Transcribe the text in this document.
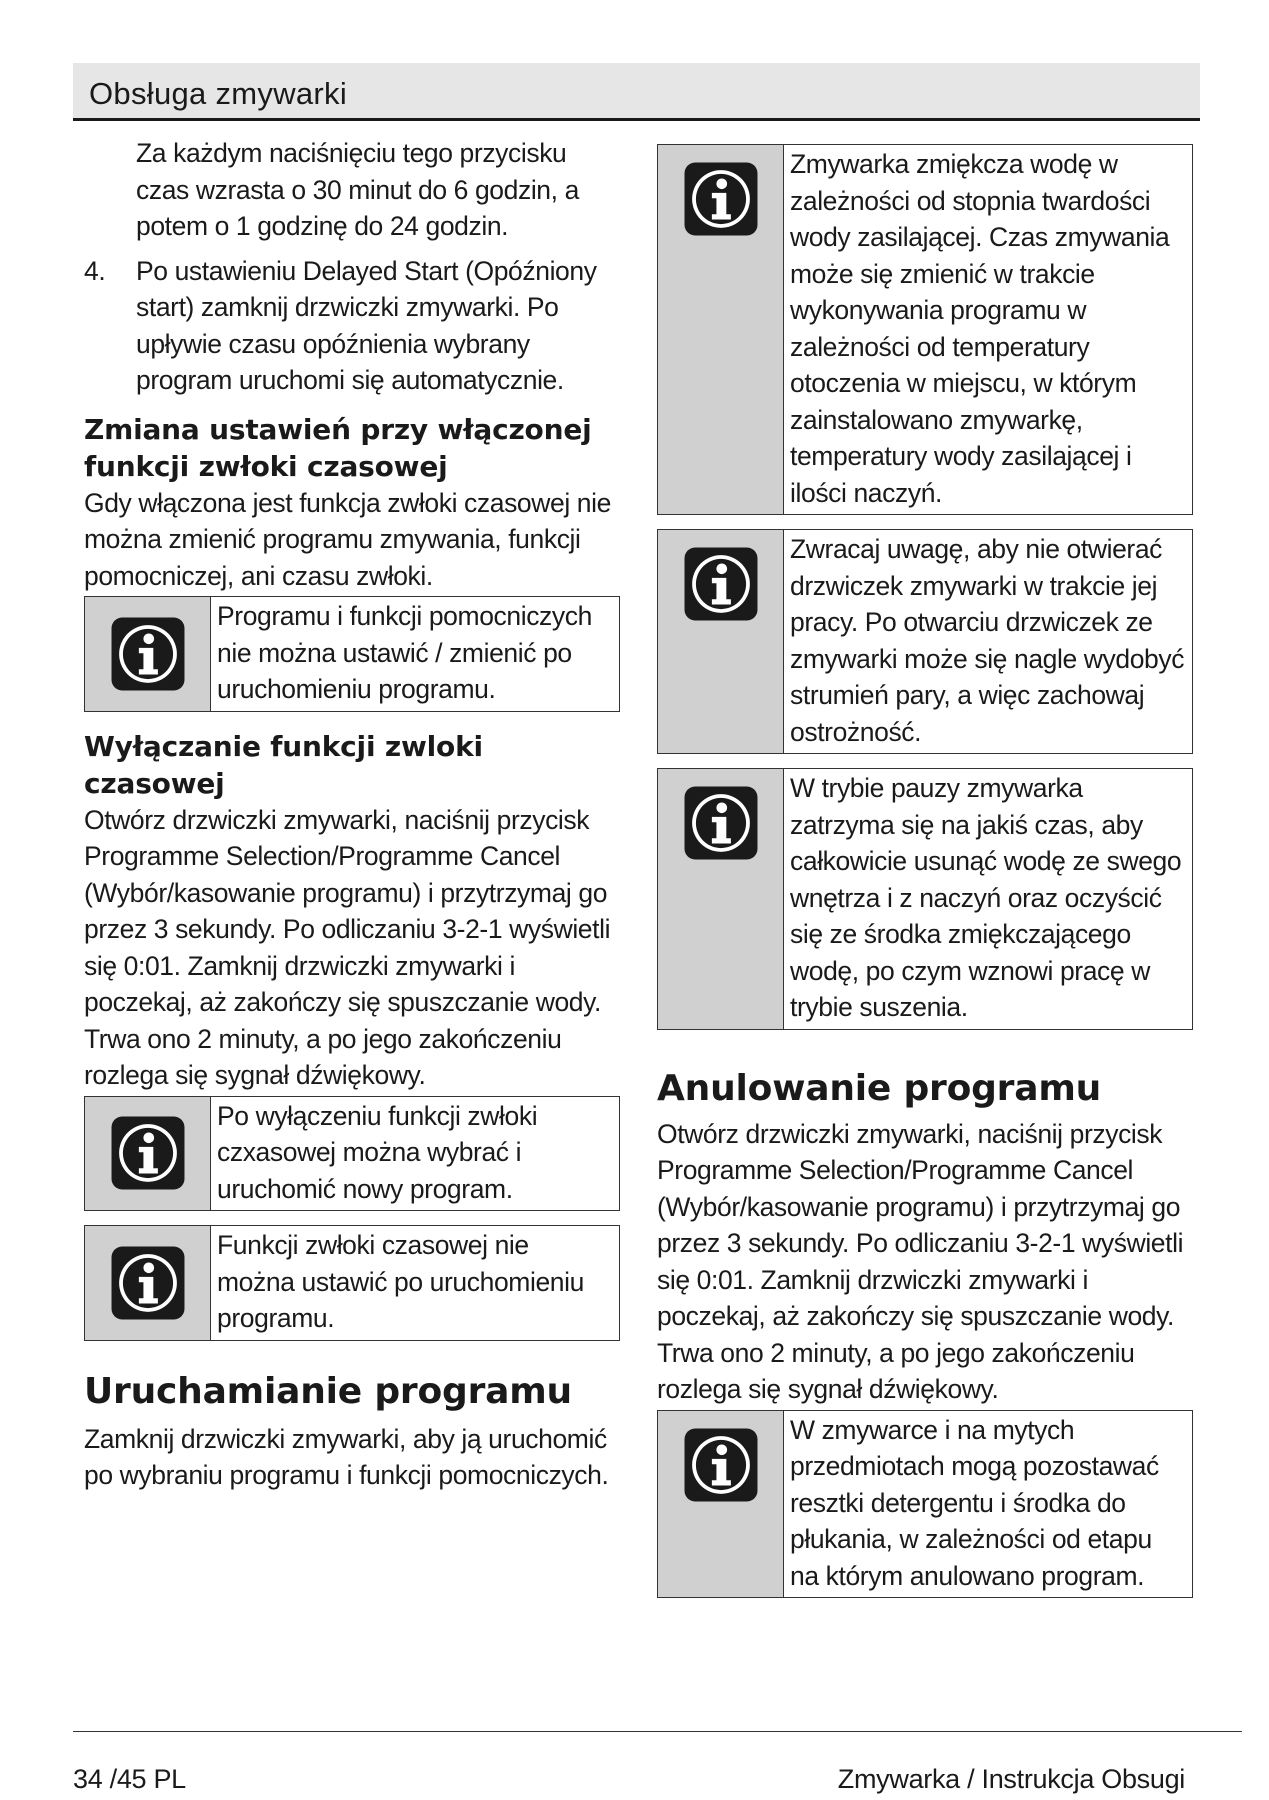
Obsługa zmywarki

Za każdym naciśnięciu tego przycisku czas wzrasta o 30 minut do 6 godzin, a potem o 1 godzinę do 24 godzin.

4.	Po ustawieniu Delayed Start (Opóźniony start) zamknij drzwiczki zmywarki. Po upływie czasu opóźnienia wybrany program uruchomi się automatycznie.
Zmiana ustawień przy włączonej funkcji zwłoki czasowej

Gdy włączona jest funkcja zwłoki czasowej nie można zmienić programu zmywania, funkcji pomocniczej, ani czasu zwłoki.

Programu i funkcji pomocniczych nie można ustawić / zmienić po uruchomieniu programu.
Wyłączanie funkcji zwloki czasowej

Otwórz drzwiczki zmywarki, naciśnij przycisk Programme Selection/Programme Cancel (Wybór/kasowanie programu) i przytrzymaj go przez 3 sekundy. Po odliczaniu 3-2-1 wyświetli się 0:01. Zamknij drzwiczki zmywarki i poczekaj, aż zakończy się spuszczanie wody. Trwa ono 2 minuty, a po jego zakończeniu rozlega się sygnał dźwiękowy.

Po wyłączeniu funkcji zwłoki czxasowej można wybrać i uruchomić nowy program.
Funkcji zwłoki czasowej nie można ustawić po uruchomieniu programu.
Uruchamianie programu

Zamknij drzwiczki zmywarki, aby ją uruchomić po wybraniu programu i funkcji pomocniczych.

Zmywarka zmiękcza wodę w zależności od stopnia twardości wody zasilającej. Czas zmywania może się zmienić w trakcie wykonywania programu w zależności od temperatury otoczenia w miejscu, w którym zainstalowano zmywarkę, temperatury wody zasilającej i ilości naczyń.
Zwracaj uwagę, aby nie otwierać drzwiczek zmywarki w trakcie jej pracy. Po otwarciu drzwiczek ze zmywarki może się nagle wydobyć strumień pary, a więc zachowaj ostrożność.
W trybie pauzy zmywarka zatrzyma się na jakiś czas, aby całkowicie usunąć wodę ze swego wnętrza i z naczyń oraz oczyścić się ze środka zmiękczającego wodę, po czym wznowi pracę w trybie suszenia.
Anulowanie programu

Otwórz drzwiczki zmywarki, naciśnij przycisk Programme Selection/Programme Cancel (Wybór/kasowanie programu) i przytrzymaj go przez 3 sekundy. Po odliczaniu 3-2-1 wyświetli się 0:01. Zamknij drzwiczki zmywarki i poczekaj, aż zakończy się spuszczanie wody. Trwa ono 2 minuty, a po jego zakończeniu rozlega się sygnał dźwiękowy.

W zmywarce i na mytych przedmiotach mogą pozostawać resztki detergentu i środka do płukania, w zależności od etapu na którym anulowano program.
34 /45 PL	Zmywarka / Instrukcja Obsugi
